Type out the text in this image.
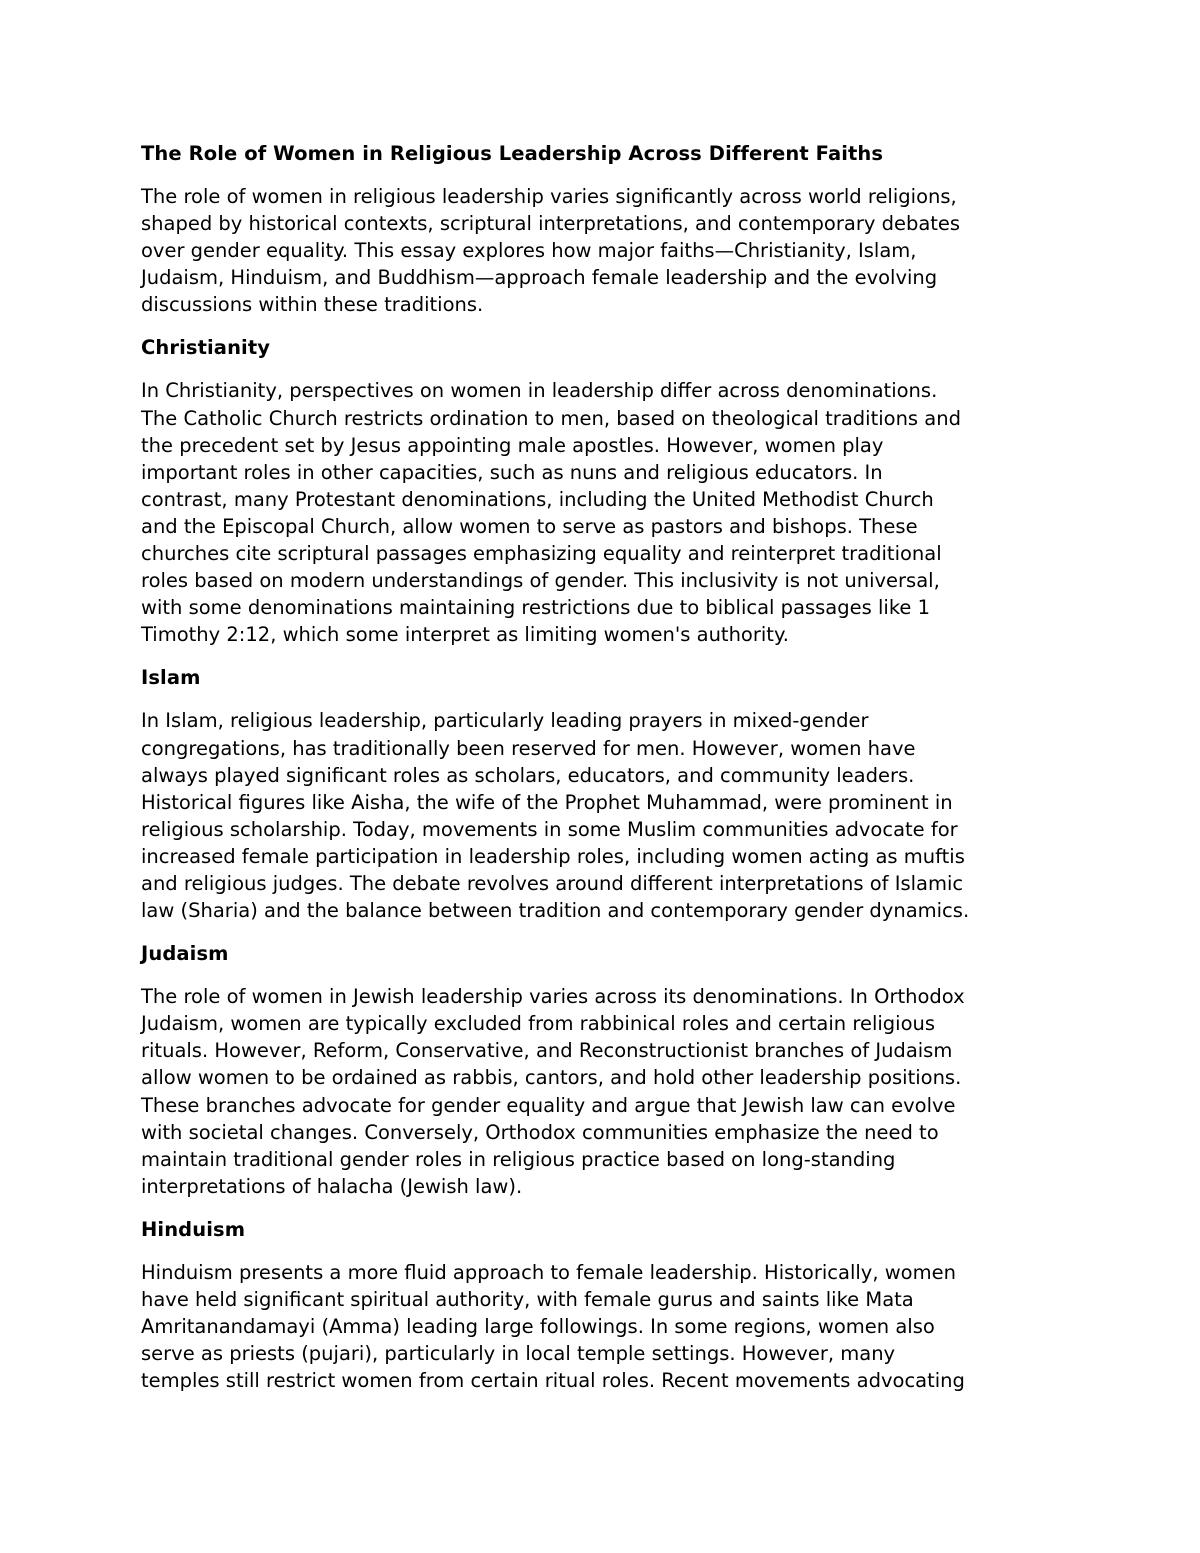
The Role of Women in Religious Leadership Across Different Faiths
The role of women in religious leadership varies significantly across world religions,
shaped by historical contexts, scriptural interpretations, and contemporary debates
over gender equality. This essay explores how major faiths—Christianity, Islam,
Judaism, Hinduism, and Buddhism—approach female leadership and the evolving
discussions within these traditions.
Christianity
In Christianity, perspectives on women in leadership differ across denominations.
The Catholic Church restricts ordination to men, based on theological traditions and
the precedent set by Jesus appointing male apostles. However, women play
important roles in other capacities, such as nuns and religious educators. In
contrast, many Protestant denominations, including the United Methodist Church
and the Episcopal Church, allow women to serve as pastors and bishops. These
churches cite scriptural passages emphasizing equality and reinterpret traditional
roles based on modern understandings of gender. This inclusivity is not universal,
with some denominations maintaining restrictions due to biblical passages like 1
Timothy 2:12, which some interpret as limiting women's authority.
Islam
In Islam, religious leadership, particularly leading prayers in mixed-gender
congregations, has traditionally been reserved for men. However, women have
always played significant roles as scholars, educators, and community leaders.
Historical figures like Aisha, the wife of the Prophet Muhammad, were prominent in
religious scholarship. Today, movements in some Muslim communities advocate for
increased female participation in leadership roles, including women acting as muftis
and religious judges. The debate revolves around different interpretations of Islamic
law (Sharia) and the balance between tradition and contemporary gender dynamics.
Judaism
The role of women in Jewish leadership varies across its denominations. In Orthodox
Judaism, women are typically excluded from rabbinical roles and certain religious
rituals. However, Reform, Conservative, and Reconstructionist branches of Judaism
allow women to be ordained as rabbis, cantors, and hold other leadership positions.
These branches advocate for gender equality and argue that Jewish law can evolve
with societal changes. Conversely, Orthodox communities emphasize the need to
maintain traditional gender roles in religious practice based on long-standing
interpretations of halacha (Jewish law).
Hinduism
Hinduism presents a more fluid approach to female leadership. Historically, women
have held significant spiritual authority, with female gurus and saints like Mata
Amritanandamayi (Amma) leading large followings. In some regions, women also
serve as priests (pujari), particularly in local temple settings. However, many
temples still restrict women from certain ritual roles. Recent movements advocating
